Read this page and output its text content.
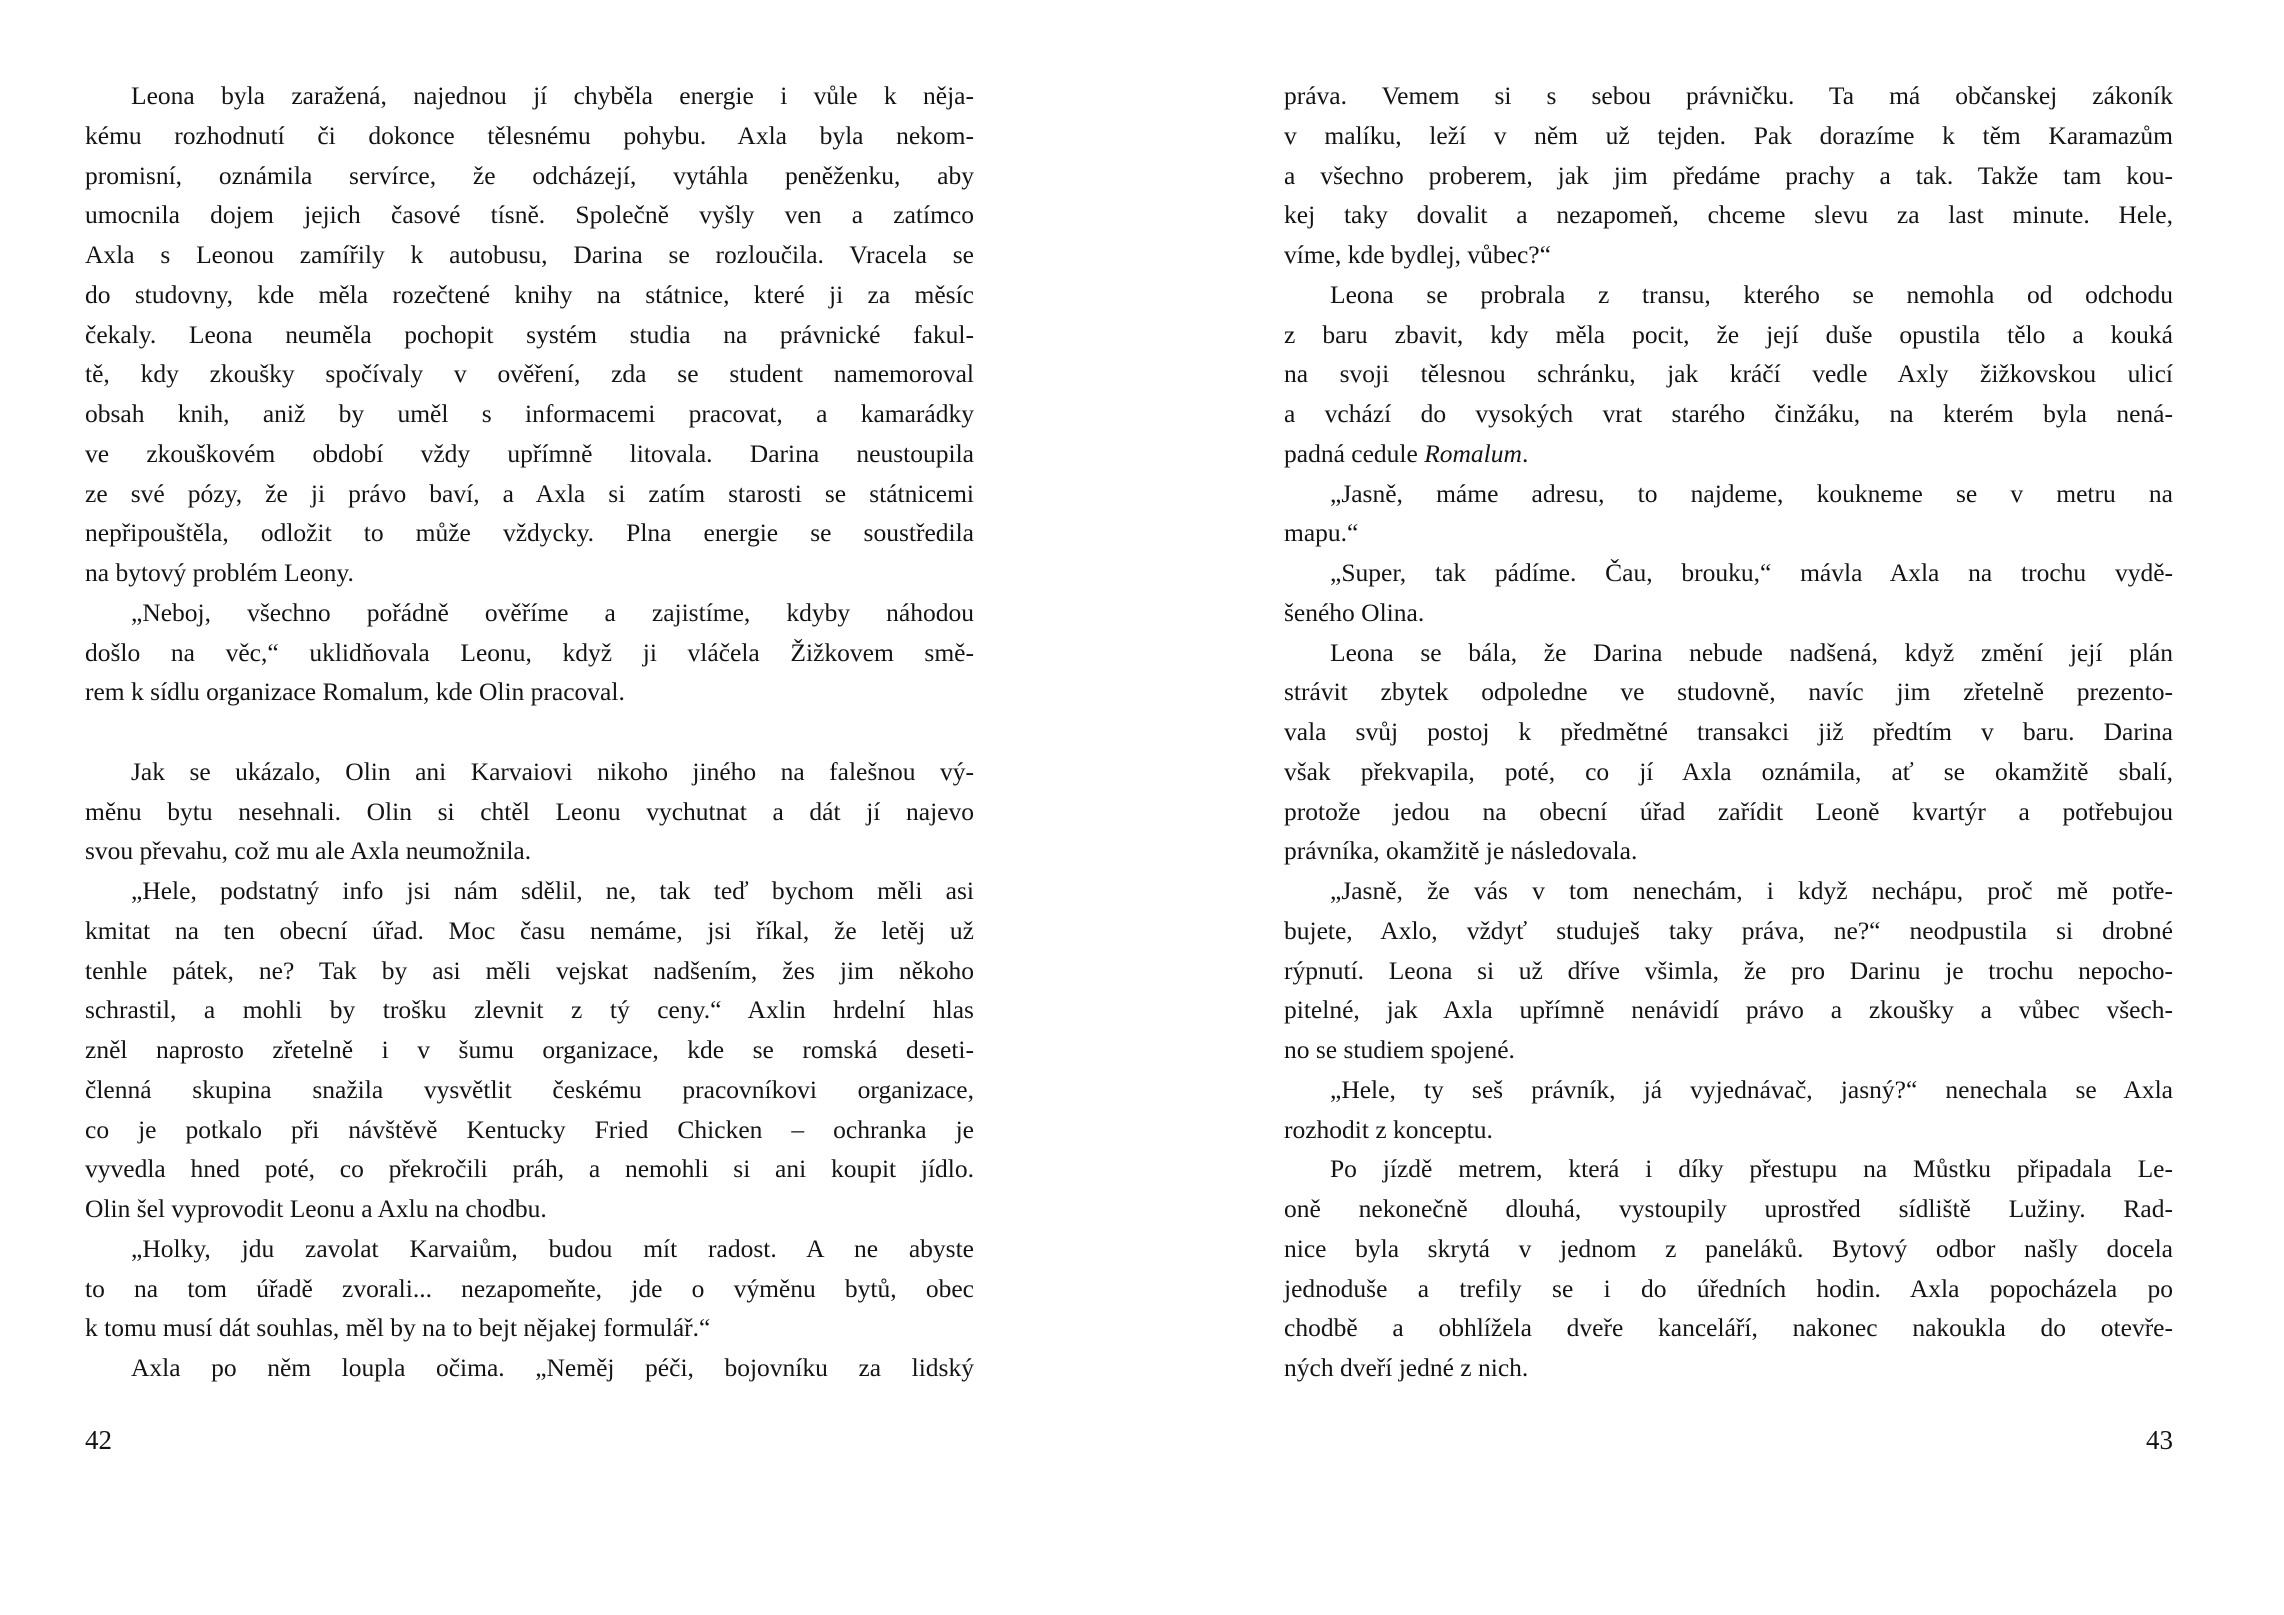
Leona byla zaražená, najednou jí chyběla energie i vůle k něja-
kému rozhodnutí či dokonce tělesnému pohybu. Axla byla nekom-
promisní, oznámila servírce, že odcházejí, vytáhla peněženku, aby
umocnila dojem jejich časové tísně. Společně vyšly ven a zatímco
Axla s Leonou zamířily k autobusu, Darina se rozloučila. Vracela se
do studovny, kde měla rozečtené knihy na státnice, které ji za měsíc
čekaly. Leona neuměla pochopit systém studia na právnické fakul-
tě, kdy zkoušky spočívaly v ověření, zda se student namemoroval
obsah knih, aniž by uměl s informacemi pracovat, a kamarádky
ve zkouškovém období vždy upřímně litovala. Darina neustoupila
ze své pózy, že ji právo baví, a Axla si zatím starosti se státnicemi
nepřipouštěla, odložit to může vždycky. Plna energie se soustředila
na bytový problém Leony.
„Neboj, všechno pořádně ověříme a zajistíme, kdyby náhodou
došlo na věc,“ uklidňovala Leonu, když ji vláčela Žižkovem smě-
rem k sídlu organizace Romalum, kde Olin pracoval.

Jak se ukázalo, Olin ani Karvaiovi nikoho jiného na falešnou vý-
měnu bytu nesehnali. Olin si chtěl Leonu vychutnat a dát jí najevo
svou převahu, což mu ale Axla neumožnila.
„Hele, podstatný info jsi nám sdělil, ne, tak teď bychom měli asi
kmitat na ten obecní úřad. Moc času nemáme, jsi říkal, že letěj už
tenhle pátek, ne? Tak by asi měli vejskat nadšením, žes jim někoho
schrastil, a mohli by trošku zlevnit z tý ceny.“ Axlin hrdelní hlas
zněl naprosto zřetelně i v šumu organizace, kde se romská deseti-
členná skupina snažila vysvětlit českému pracovníkovi organizace,
co je potkalo při návštěvě Kentucky Fried Chicken – ochranka je
vyvedla hned poté, co překročili práh, a nemohli si ani koupit jídlo.
Olin šel vyprovodit Leonu a Axlu na chodbu.
„Holky, jdu zavolat Karvaiům, budou mít radost. A ne abyste
to na tom úřadě zvorali... nezapomeňte, jde o výměnu bytů, obec
k tomu musí dát souhlas, měl by na to bejt nějakej formulář.“
Axla po něm loupla očima. „Neměj péči, bojovníku za lidský
42
práva. Vemem si s sebou právničku. Ta má občanskej zákoník
v malíku, leží v něm už tejden. Pak dorazíme k těm Karamazům
a všechno proberem, jak jim předáme prachy a tak. Takže tam kou-
kej taky dovalit a nezapomeň, chceme slevu za last minute. Hele,
víme, kde bydlej, vůbec?“
Leona se probrala z transu, kterého se nemohla od odchodu
z baru zbavit, kdy měla pocit, že její duše opustila tělo a kouká
na svoji tělesnou schránku, jak kráčí vedle Axly žižkovskou ulicí
a vchází do vysokých vrat starého činžáku, na kterém byla nená-
padná cedule Romalum.
„Jasně, máme adresu, to najdeme, koukneme se v metru na
mapu.“
„Super, tak pádíme. Čau, brouku,“ mávla Axla na trochu vydě-
šeného Olina.
Leona se bála, že Darina nebude nadšená, když změní její plán
strávit zbytek odpoledne ve studovně, navíc jim zřetelně prezento-
vala svůj postoj k předmětné transakci již předtím v baru. Darina
však překvapila, poté, co jí Axla oznámila, ať se okamžitě sbalí,
protože jedou na obecní úřad zařídit Leoně kvartýr a potřebujou
právníka, okamžitě je následovala.
„Jasně, že vás v tom nenechám, i když nechápu, proč mě potře-
bujete, Axlo, vždyť studuješ taky práva, ne?“ neodpustila si drobné
rýpnutí. Leona si už dříve všimla, že pro Darinu je trochu nepocho-
pitelné, jak Axla upřímně nenávidí právo a zkoušky a vůbec všech-
no se studiem spojené.
„Hele, ty seš právník, já vyjednávač, jasný?“ nenechala se Axla
rozhodit z konceptu.
Po jízdě metrem, která i díky přestupu na Můstku připadala Le-
oně nekonečně dlouhá, vystoupily uprostřed sídliště Lužiny. Rad-
nice byla skrytá v jednom z paneláků. Bytový odbor našly docela
jednoduše a trefily se i do úředních hodin. Axla popocházela po
chodbě a obhlížela dveře kanceláří, nakonec nakoukla do otevře-
ných dveří jedné z nich.
43
